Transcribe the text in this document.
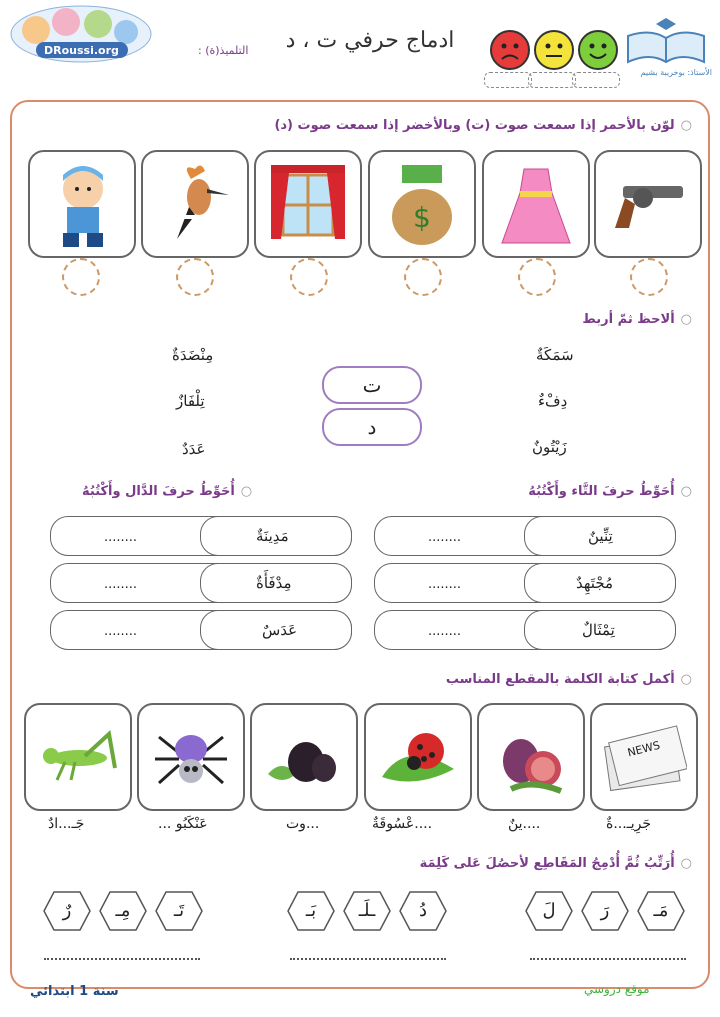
DRoussi.org	التلميذ(ة) :	ادماج حرفي ت ، د
الأستاذ: بوخريبة بشيم
○لوّن بالأحمر إذا سمعت صوت (ت) وبالأخضر إذا سمعت صوت (د)
$
○ألاحظ ثمّ أربط
سَمَكَةٌ
دِفْءٌ
زَيْتُونٌ
ت
د
مِنْضَدَةٌ
تِلْفَازٌ
عَدَدٌ
○أُحَوِّطُ حرفَ التَّاء وأَكْتُبُهُ
○أُحَوِّطُ حرفَ الدَّال وأَكْتُبُهُ
تِنِّينٌ
........
مُجْتَهِدٌ
........
تِمْثَالٌ
........
مَدِينَةٌ
........
مِدْفَأَةٌ
........
عَدَسٌ
........
○أكمل كتابة الكلمة بالمقطع المناسب
NEWS
جَرِيـ...ةٌ
....ينٌ
....عْسُوقَةٌ
...وت
عَنْكَبُو ...
جَـ...ادٌ
○أُرَتِّبُ ثُمَّ أُدْمِجُ المَقَاطِع لأحصُلَ عَلى كَلِمَة
مَـ
رَ
لَ
دُ
ـلَـ
بَـ
تَـ
مِـ
رٌ
سنة 1 ابتدائي	موقع دروسي
